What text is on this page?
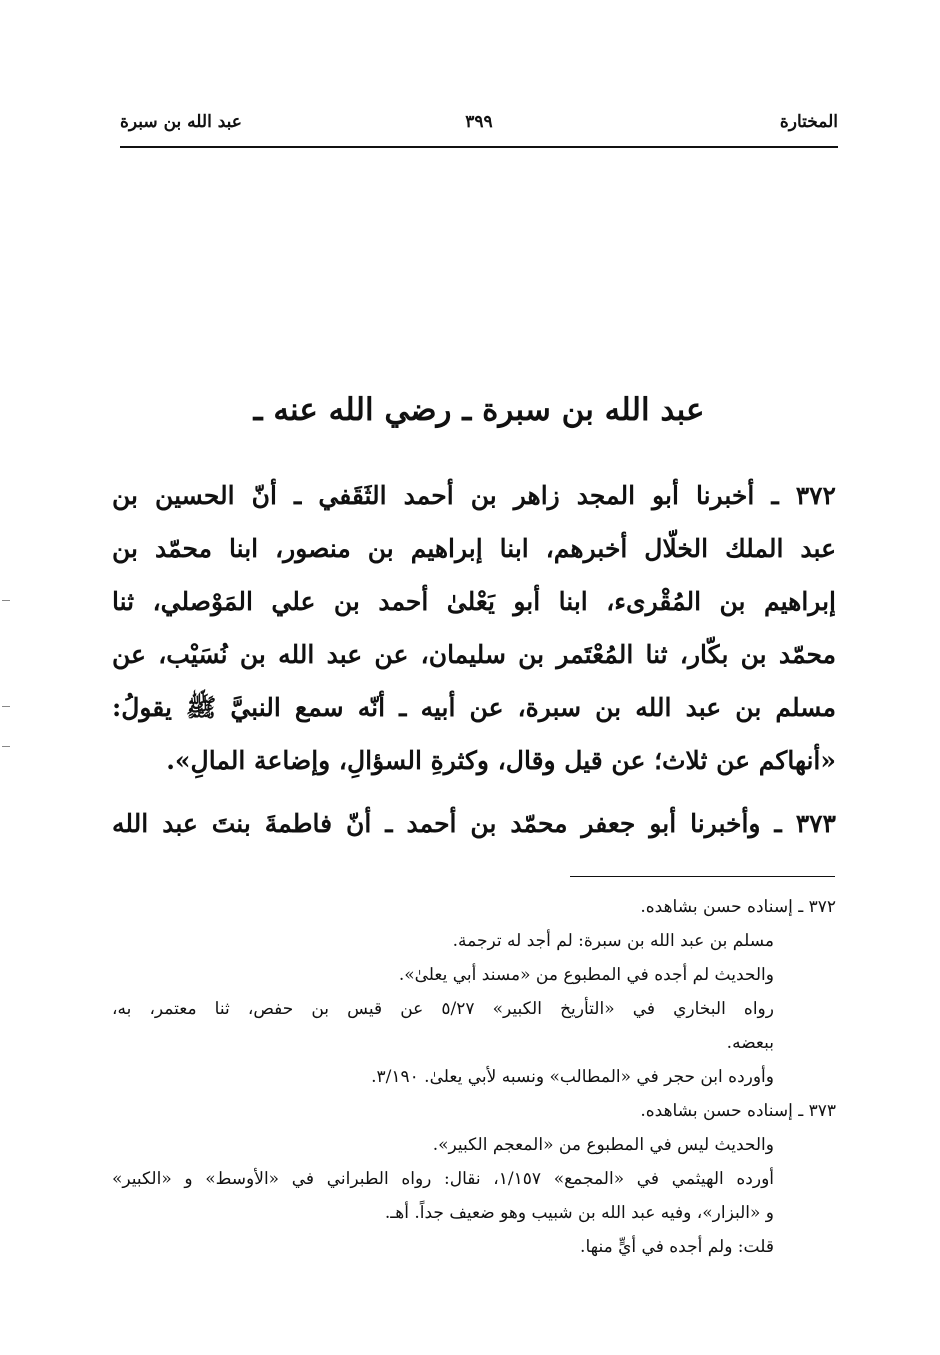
المختارة
٣٩٩
عبد الله بن سبرة
عبد الله بن سبرة ـ رضي الله عنه ـ
٣٧٢ ـ أخبرنا أبو المجد زاهر بن أحمد الثَقَفي ـ أنّ الحسين بن
عبد الملك الخلّال أخبرهم، ابنا إبراهيم بن منصور، ابنا محمّد بن
إبراهيم بن المُقْرىء، ابنا أبو يَعْلىٰ أحمد بن علي المَوْصلي، ثنا
محمّد بن بكّار، ثنا المُعْتَمر بن سليمان، عن عبد الله بن نُسَيْب، عن
مسلم بن عبد الله بن سبرة، عن أبيه ـ أنّه سمع النبيَّ ﷺ يقولُ:
«أنهاكم عن ثلاث؛ عن قيل وقال، وكثرةِ السؤالِ، وإضاعة المالِ».
٣٧٣ ـ وأخبرنا أبو جعفر محمّد بن أحمد ـ أنّ فاطمةَ بنتَ عبد الله
٣٧٢ ـ إسناده حسن بشاهده.
مسلم بن عبد الله بن سبرة: لم أجد له ترجمة.
والحديث لم أجده في المطبوع من «مسند أبي يعلىٰ».
رواه البخاري في «التأريخ الكبير» ٥/٢٧ عن قيس بن حفص، ثنا معتمر، به،
ببعضه.
وأورده ابن حجر في «المطالب» ونسبه لأبي يعلىٰ. ٣/١٩٠.
٣٧٣ ـ إسناده حسن بشاهده.
والحديث ليس في المطبوع من «المعجم الكبير».
أورده الهيثمي في «المجمع» ١/١٥٧، نقال: رواه الطبراني في «الأوسط» و «الكبير»
و «البزار»، وفيه عبد الله بن شبيب وهو ضعيف جداً. أهـ.
قلت: ولم أجده في أيٍّ منها.
